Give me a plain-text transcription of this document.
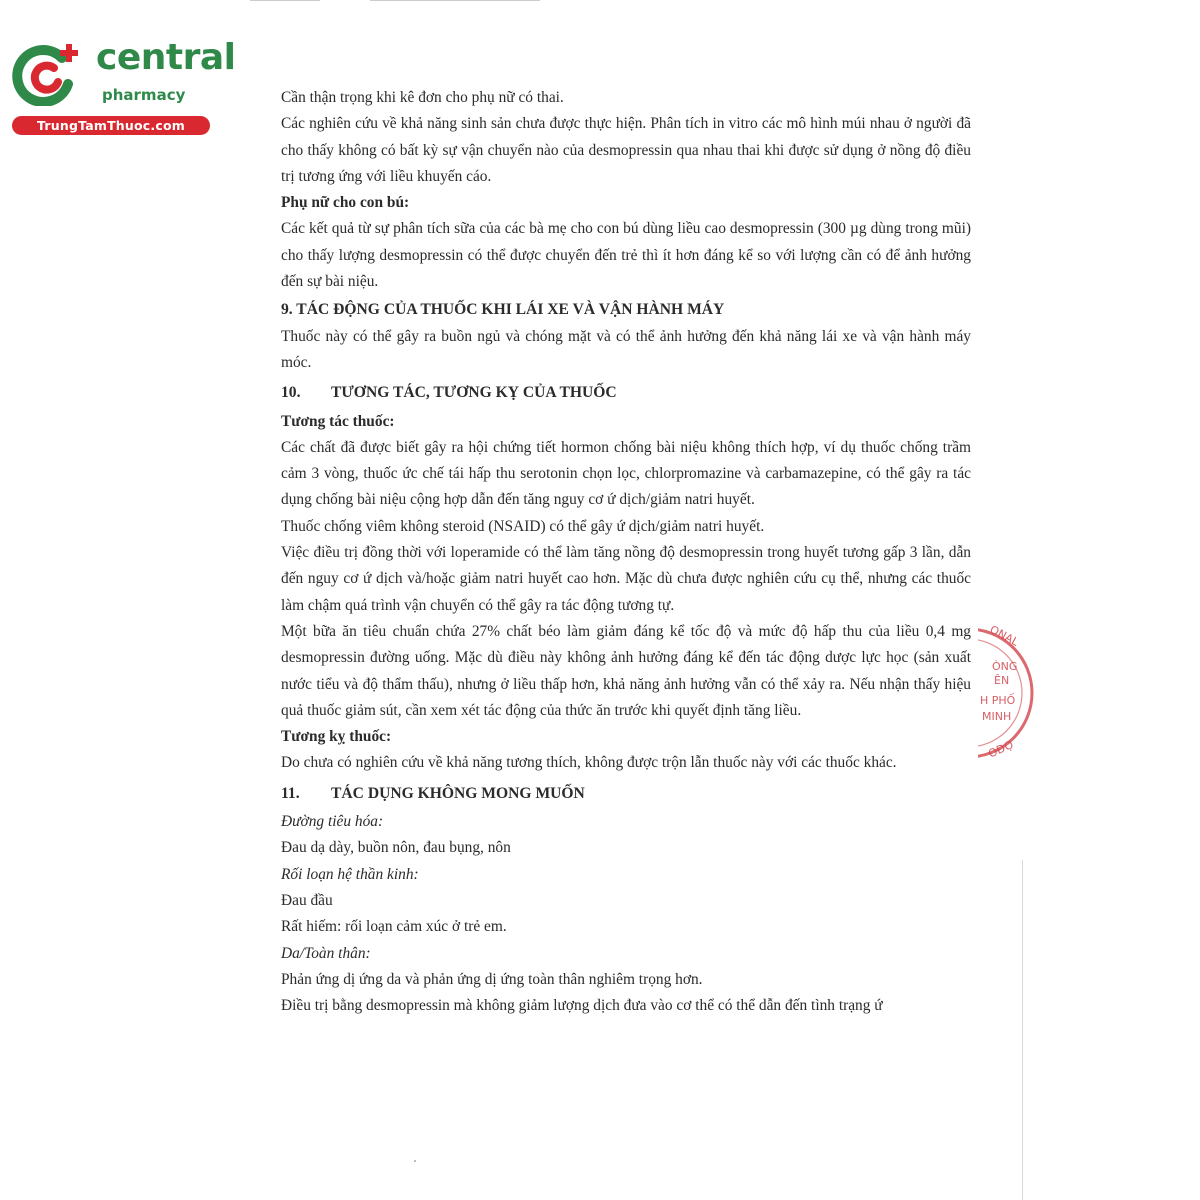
central
pharmacy
TrungTamThuoc.com

Cần thận trọng khi kê đơn cho phụ nữ có thai.

Các nghiên cứu về khả năng sinh sản chưa được thực hiện. Phân tích in vitro các mô hình múi nhau ở người đã cho thấy không có bất kỳ sự vận chuyển nào của desmopressin qua nhau thai khi được sử dụng ở nồng độ điều trị tương ứng với liều khuyến cáo.

Phụ nữ cho con bú:

Các kết quả từ sự phân tích sữa của các bà mẹ cho con bú dùng liều cao desmopressin (300 µg dùng trong mũi) cho thấy lượng desmopressin có thể được chuyển đến trẻ thì ít hơn đáng kể so với lượng cần có để ảnh hưởng đến sự bài niệu.

9. TÁC ĐỘNG CỦA THUỐC KHI LÁI XE VÀ VẬN HÀNH MÁY

Thuốc này có thể gây ra buồn ngủ và chóng mặt và có thể ảnh hưởng đến khả năng lái xe và vận hành máy móc.

10. TƯƠNG TÁC, TƯƠNG KỴ CỦA THUỐC

Tương tác thuốc:

Các chất đã được biết gây ra hội chứng tiết hormon chống bài niệu không thích hợp, ví dụ thuốc chống trầm cảm 3 vòng, thuốc ức chế tái hấp thu serotonin chọn lọc, chlorpromazine và carbamazepine, có thể gây ra tác dụng chống bài niệu cộng hợp dẫn đến tăng nguy cơ ứ dịch/giảm natri huyết.

Thuốc chống viêm không steroid (NSAID) có thể gây ứ dịch/giảm natri huyết.

Việc điều trị đồng thời với loperamide có thể làm tăng nồng độ desmopressin trong huyết tương gấp 3 lần, dẫn đến nguy cơ ứ dịch và/hoặc giảm natri huyết cao hơn. Mặc dù chưa được nghiên cứu cụ thể, nhưng các thuốc làm chậm quá trình vận chuyển có thể gây ra tác động tương tự.

Một bữa ăn tiêu chuẩn chứa 27% chất béo làm giảm đáng kể tốc độ và mức độ hấp thu của liều 0,4 mg desmopressin đường uống. Mặc dù điều này không ảnh hưởng đáng kể đến tác động dược lực học (sản xuất nước tiểu và độ thẩm thấu), nhưng ở liều thấp hơn, khả năng ảnh hưởng vẫn có thể xảy ra. Nếu nhận thấy hiệu quả thuốc giảm sút, cần xem xét tác động của thức ăn trước khi quyết định tăng liều.

Tương kỵ thuốc:

Do chưa có nghiên cứu về khả năng tương thích, không được trộn lẫn thuốc này với các thuốc khác.

11. TÁC DỤNG KHÔNG MONG MUỐN

Đường tiêu hóa:

Đau dạ dày, buồn nôn, đau bụng, nôn

Rối loạn hệ thần kinh:

Đau đầu

Rất hiếm: rối loạn cảm xúc ở trẻ em.

Da/Toàn thân:

Phản ứng dị ứng da và phản ứng dị ứng toàn thân nghiêm trọng hơn.

Điều trị bằng desmopressin mà không giảm lượng dịch đưa vào cơ thể có thể dẫn đến tình trạng ứ

ONAL
ÒNG
ÊN
H PHỐ
MINH
OĐỌ
